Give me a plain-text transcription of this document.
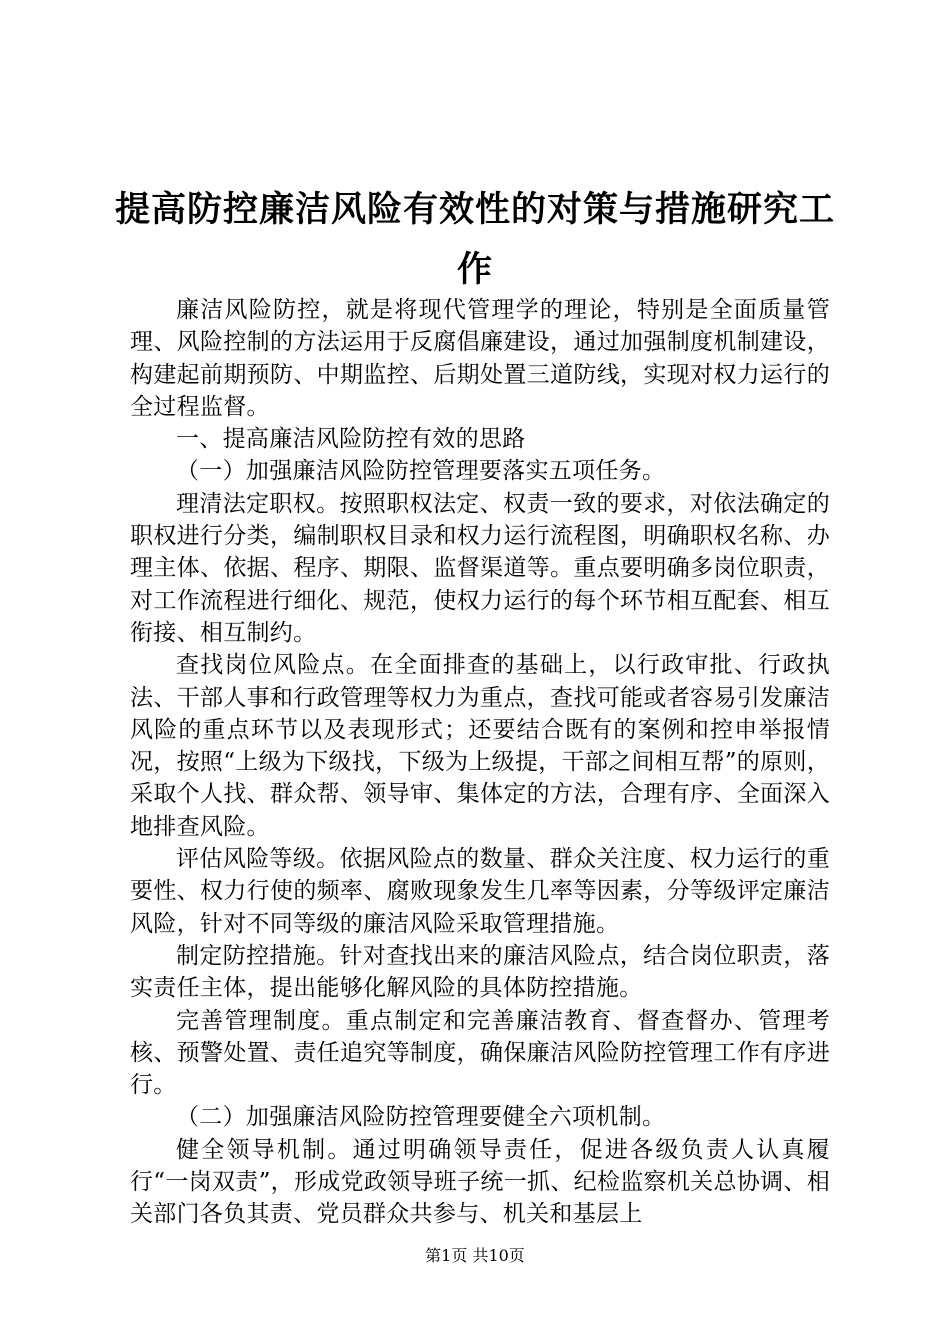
提高防控廉洁风险有效性的对策与措施研究工作

廉洁风险防控，就是将现代管理学的理论，特别是全面质量管理、风险控制的方法运用于反腐倡廉建设，通过加强制度机制建设，构建起前期预防、中期监控、后期处置三道防线，实现对权力运行的全过程监督。

一、提高廉洁风险防控有效的思路

（一）加强廉洁风险防控管理要落实五项任务。

理清法定职权。按照职权法定、权责一致的要求，对依法确定的职权进行分类，编制职权目录和权力运行流程图，明确职权名称、办理主体、依据、程序、期限、监督渠道等。重点要明确多岗位职责，对工作流程进行细化、规范，使权力运行的每个环节相互配套、相互衔接、相互制约。

查找岗位风险点。在全面排查的基础上，以行政审批、行政执法、干部人事和行政管理等权力为重点，查找可能或者容易引发廉洁风险的重点环节以及表现形式；还要结合既有的案例和控申举报情况，按照“上级为下级找，下级为上级提，干部之间相互帮”的原则，采取个人找、群众帮、领导审、集体定的方法，合理有序、全面深入地排查风险。

评估风险等级。依据风险点的数量、群众关注度、权力运行的重要性、权力行使的频率、腐败现象发生几率等因素，分等级评定廉洁风险，针对不同等级的廉洁风险采取管理措施。

制定防控措施。针对查找出来的廉洁风险点，结合岗位职责，落实责任主体，提出能够化解风险的具体防控措施。

完善管理制度。重点制定和完善廉洁教育、督查督办、管理考核、预警处置、责任追究等制度，确保廉洁风险防控管理工作有序进行。

（二）加强廉洁风险防控管理要健全六项机制。

健全领导机制。通过明确领导责任，促进各级负责人认真履行“一岗双责”，形成党政领导班子统一抓、纪检监察机关总协调、相关部门各负其责、党员群众共参与、机关和基层上

第1页 共10页
